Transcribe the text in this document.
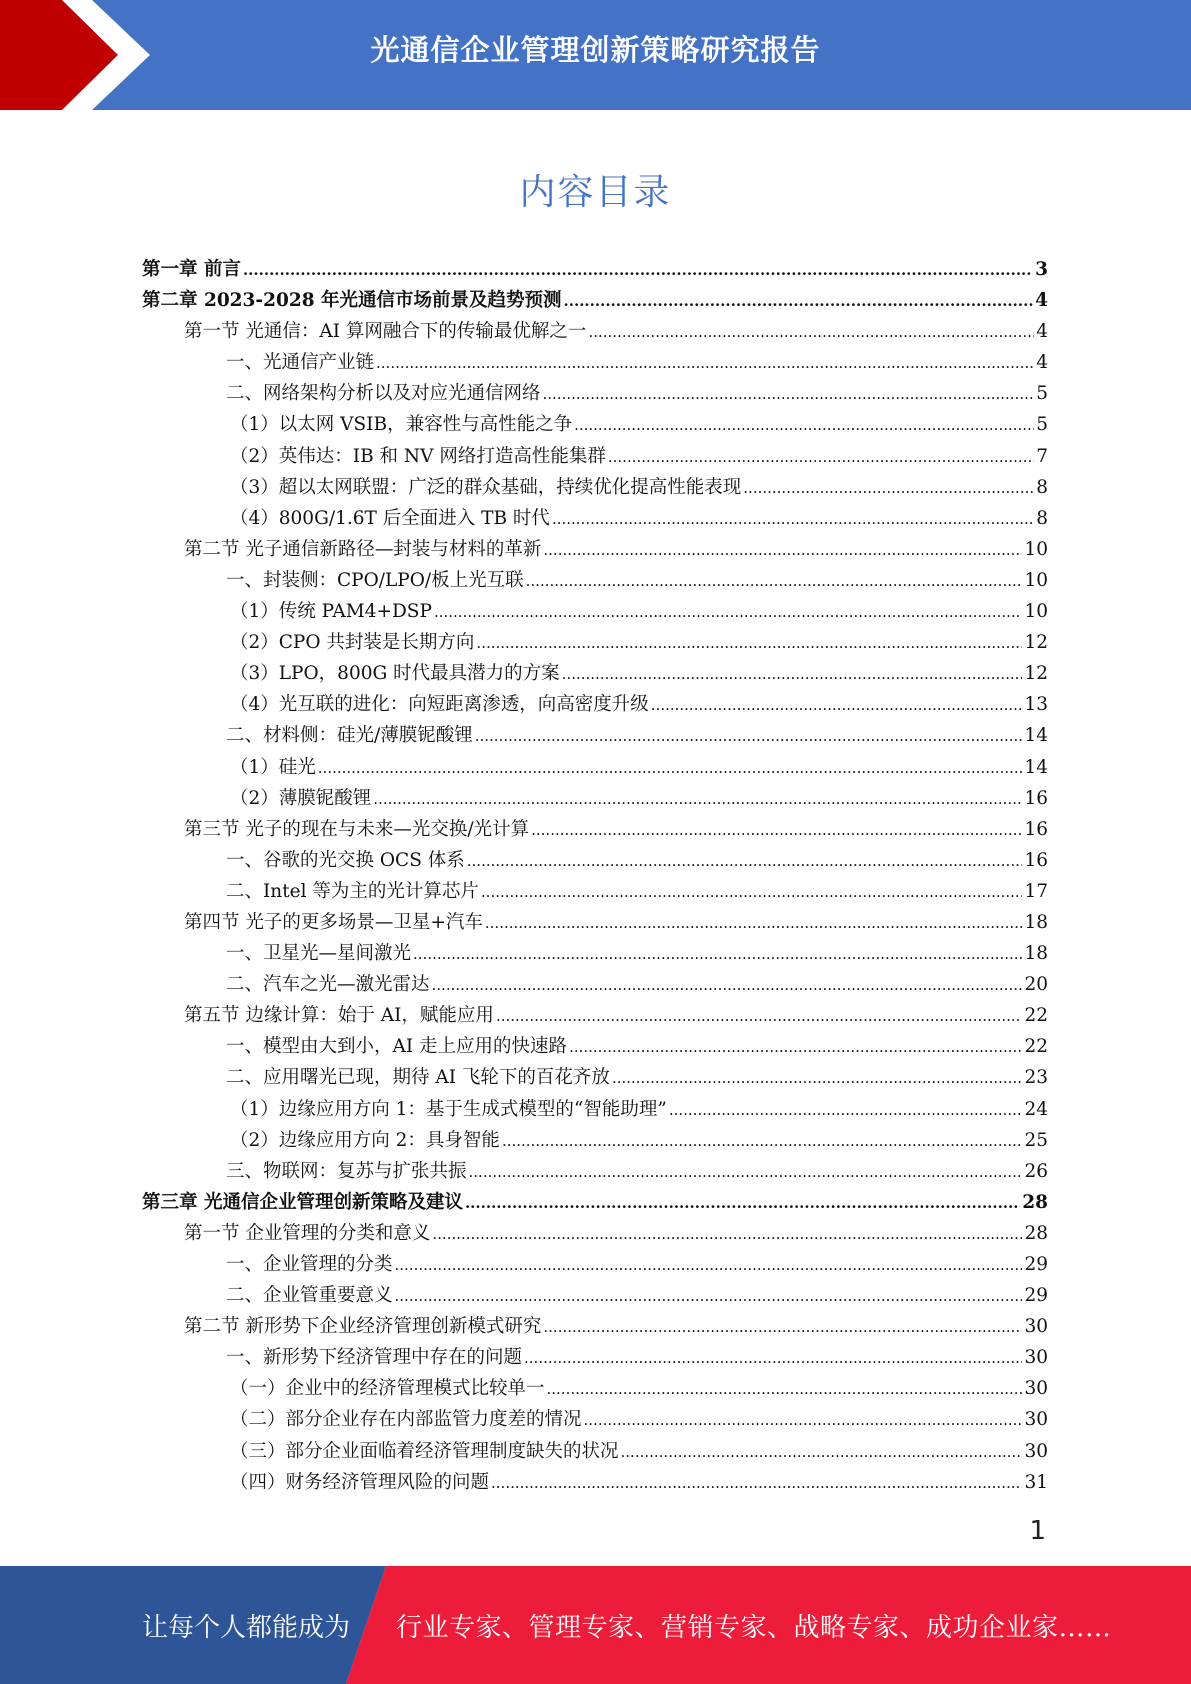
光通信企业管理创新策略研究报告
内容目录
第一章 前言 .....	3
第二章 2023-2028 年光通信市场前景及趋势预测 .....	4
第一节 光通信：AI 算网融合下的传输最优解之一 .....	4
一、光通信产业链 .....	4
二、网络架构分析以及对应光通信网络 .....	5
（1）以太网 VSIB，兼容性与高性能之争 .....	5
（2）英伟达：IB 和 NV 网络打造高性能集群 .....	7
（3）超以太网联盟：广泛的群众基础，持续优化提高性能表现 .....	8
（4）800G/1.6T 后全面进入 TB 时代 .....	8
第二节 光子通信新路径—封装与材料的革新 .....	10
一、封装侧：CPO/LPO/板上光互联 .....	10
（1）传统 PAM4+DSP .....	10
（2）CPO 共封装是长期方向 .....	12
（3）LPO，800G 时代最具潜力的方案 .....	12
（4）光互联的进化：向短距离渗透，向高密度升级 .....	13
二、材料侧：硅光/薄膜铌酸锂 .....	14
（1）硅光 .....	14
（2）薄膜铌酸锂 .....	16
第三节 光子的现在与未来—光交换/光计算 .....	16
一、谷歌的光交换 OCS 体系 .....	16
二、Intel 等为主的光计算芯片 .....	17
第四节 光子的更多场景—卫星+汽车 .....	18
一、卫星光—星间激光 .....	18
二、汽车之光—激光雷达 .....	20
第五节 边缘计算：始于 AI，赋能应用 .....	22
一、模型由大到小，AI 走上应用的快速路 .....	22
二、应用曙光已现，期待 AI 飞轮下的百花齐放 .....	23
（1）边缘应用方向 1：基于生成式模型的“智能助理” .....	24
（2）边缘应用方向 2：具身智能 .....	25
三、物联网：复苏与扩张共振 .....	26
第三章 光通信企业管理创新策略及建议 .....	28
第一节 企业管理的分类和意义 .....	28
一、企业管理的分类 .....	29
二、企业管重要意义 .....	29
第二节 新形势下企业经济管理创新模式研究 .....	30
一、新形势下经济管理中存在的问题 .....	30
（一）企业中的经济管理模式比较单一 .....	30
（二）部分企业存在内部监管力度差的情况 .....	30
（三）部分企业面临着经济管理制度缺失的状况 .....	30
（四）财务经济管理风险的问题 .....	31
1
让每个人都能成为 行业专家、管理专家、营销专家、战略专家、成功企业家……
